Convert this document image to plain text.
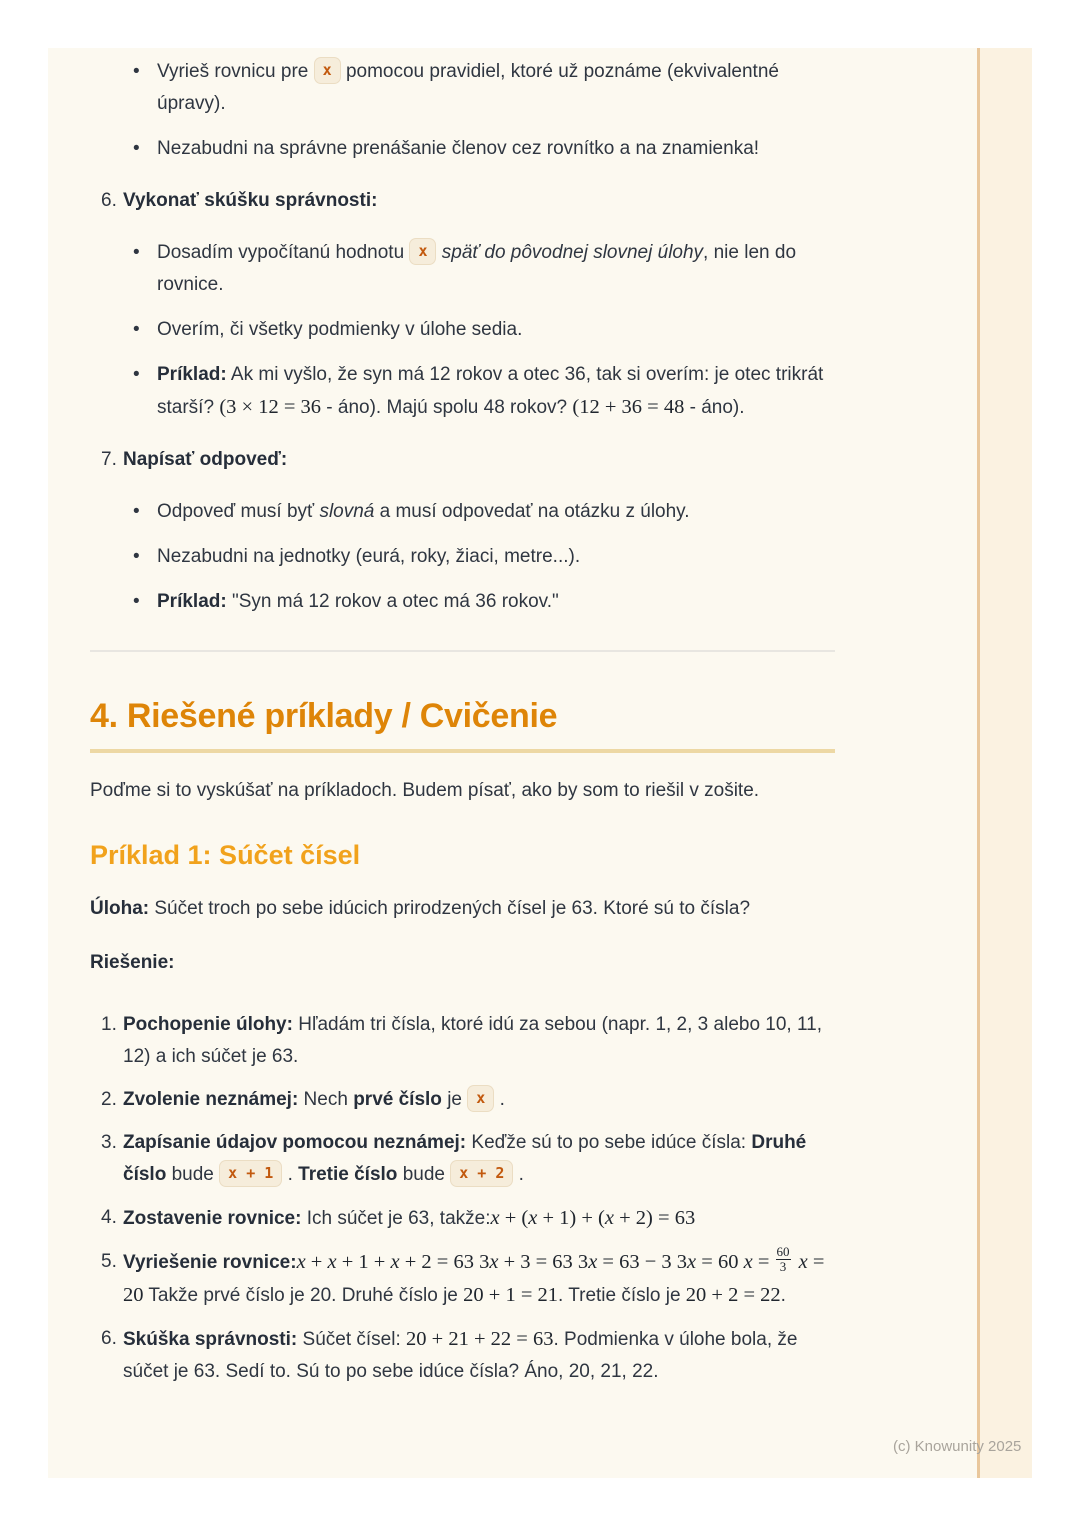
• Vyrieš rovnicu pre x pomocou pravidiel, ktoré už poznáme (ekvivalentné úpravy).
• Nezabudni na správne prenášanie členov cez rovnítko a na znamienka!
6. Vykonať skúšku správnosti:
• Dosadím vypočítanú hodnotu x späť do pôvodnej slovnej úlohy, nie len do rovnice.
• Overím, či všetky podmienky v úlohe sedia.
• Príklad: Ak mi vyšlo, že syn má 12 rokov a otec 36, tak si overím: je otec trikrát starší? (3 × 12 = 36 - áno). Majú spolu 48 rokov? (12 + 36 = 48 - áno).
7. Napísať odpoveď:
• Odpoveď musí byť slovná a musí odpovedať na otázku z úlohy.
• Nezabudni na jednotky (eurá, roky, žiaci, metre...).
• Príklad: "Syn má 12 rokov a otec má 36 rokov."
4. Riešené príklady / Cvičenie
Poďme si to vyskúšať na príkladoch. Budem písať, ako by som to riešil v zošite.
Príklad 1: Súčet čísel
Úloha: Súčet troch po sebe idúcich prirodzených čísel je 63. Ktoré sú to čísla?
Riešenie:
1. Pochopenie úlohy: Hľadám tri čísla, ktoré idú za sebou (napr. 1, 2, 3 alebo 10, 11, 12) a ich súčet je 63.
2. Zvolenie neznámej: Nech prvé číslo je x .
3. Zapísanie údajov pomocou neznámej: Keďže sú to po sebe idúce čísla: Druhé číslo bude x + 1 . Tretie číslo bude x + 2 .
4. Zostavenie rovnice: Ich súčet je 63, takže:x + (x + 1) + (x + 2) = 63
5. Vyriešenie rovnice:x + x + 1 + x + 2 = 63 3x + 3 = 63 3x = 63 − 3 3x = 60 $x = \frac{60}{3}$ x = 20 Takže prvé číslo je 20. Druhé číslo je 20 + 1 = 21. Tretie číslo je 20 + 2 = 22.
6. Skúška správnosti: Súčet čísel: 20 + 21 + 22 = 63. Podmienka v úlohe bola, že súčet je 63. Sedí to. Sú to po sebe idúce čísla? Áno, 20, 21, 22.
(c) Knowunity 2025
